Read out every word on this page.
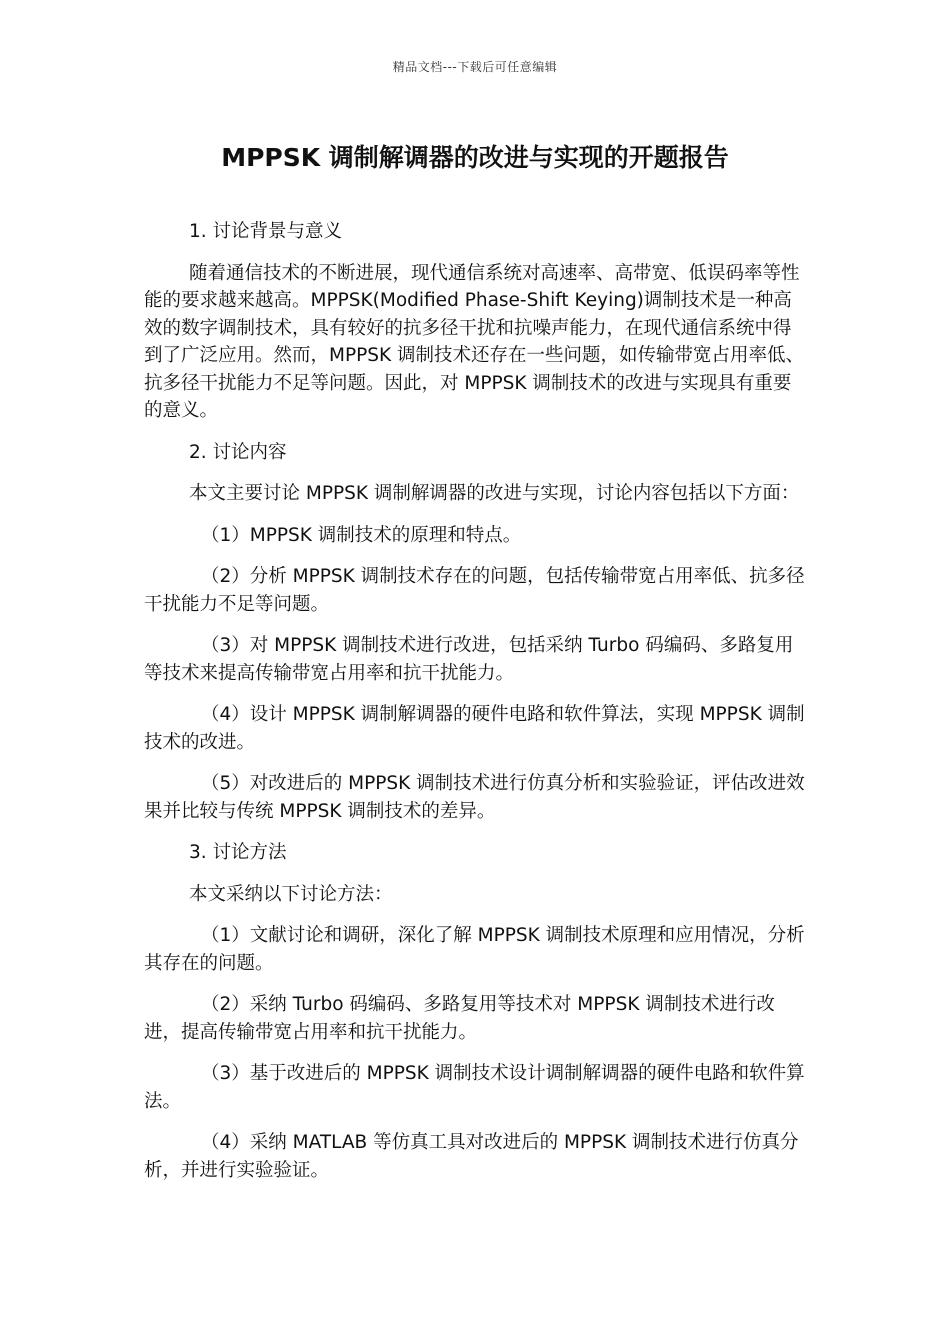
精品文档---下载后可任意编辑
MPPSK 调制解调器的改进与实现的开题报告

1. 讨论背景与意义

随着通信技术的不断进展，现代通信系统对高速率、高带宽、低误码率等性能的要求越来越高。MPPSK(Modified Phase-Shift Keying)调制技术是一种高效的数字调制技术，具有较好的抗多径干扰和抗噪声能力，在现代通信系统中得到了广泛应用。然而，MPPSK 调制技术还存在一些问题，如传输带宽占用率低、抗多径干扰能力不足等问题。因此，对 MPPSK 调制技术的改进与实现具有重要的意义。

2. 讨论内容

本文主要讨论 MPPSK 调制解调器的改进与实现，讨论内容包括以下方面：

（1）MPPSK 调制技术的原理和特点。

（2）分析 MPPSK 调制技术存在的问题，包括传输带宽占用率低、抗多径干扰能力不足等问题。

（3）对 MPPSK 调制技术进行改进，包括采纳 Turbo 码编码、多路复用等技术来提高传输带宽占用率和抗干扰能力。

（4）设计 MPPSK 调制解调器的硬件电路和软件算法，实现 MPPSK 调制技术的改进。

（5）对改进后的 MPPSK 调制技术进行仿真分析和实验验证，评估改进效果并比较与传统 MPPSK 调制技术的差异。

3. 讨论方法

本文采纳以下讨论方法：

（1）文献讨论和调研，深化了解 MPPSK 调制技术原理和应用情况，分析其存在的问题。

（2）采纳 Turbo 码编码、多路复用等技术对 MPPSK 调制技术进行改进，提高传输带宽占用率和抗干扰能力。

（3）基于改进后的 MPPSK 调制技术设计调制解调器的硬件电路和软件算法。

（4）采纳 MATLAB 等仿真工具对改进后的 MPPSK 调制技术进行仿真分析，并进行实验验证。
